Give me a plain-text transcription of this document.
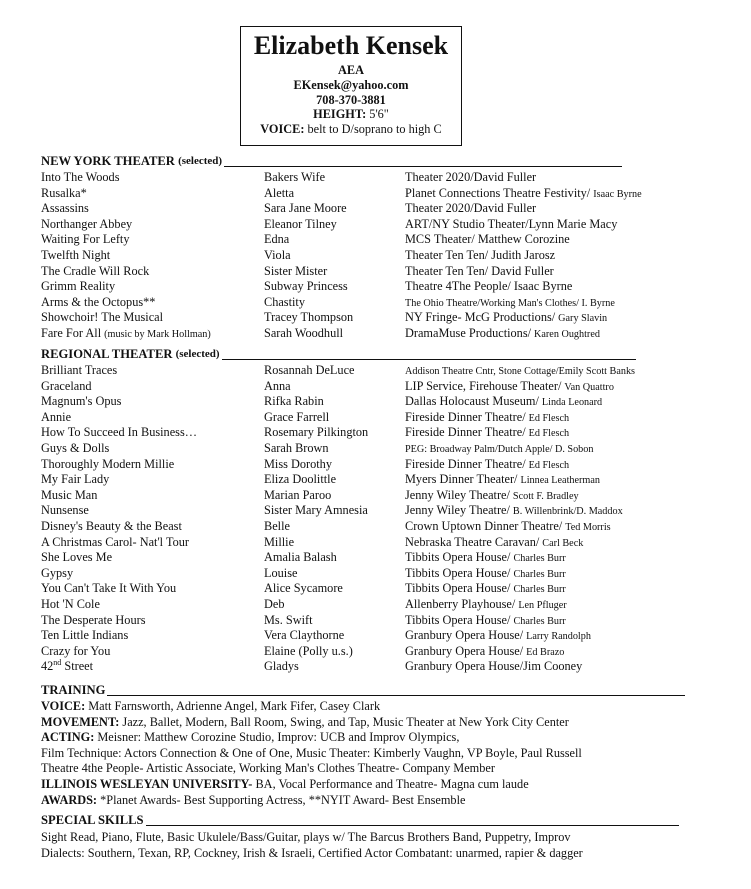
Elizabeth Kensek
AEA
EKensek@yahoo.com
708-370-3881
HEIGHT: 5'6"
VOICE: belt to D/soprano to high C
NEW YORK THEATER
(selected)
Into The Woods	Bakers Wife	Theater 2020/David Fuller
Rusalka*	Aletta	Planet Connections Theatre Festivity/ Isaac Byrne
Assassins	Sara Jane Moore	Theater 2020/David Fuller
Northanger Abbey	Eleanor Tilney	ART/NY Studio Theater/Lynn Marie Macy
Waiting For Lefty	Edna	MCS Theater/ Matthew Corozine
Twelfth Night	Viola	Theater Ten Ten/ Judith Jarosz
The Cradle Will Rock	Sister Mister	Theater Ten Ten/ David Fuller
Grimm Reality	Subway Princess	Theatre 4The People/ Isaac Byrne
Arms & the Octopus**	Chastity	The Ohio Theatre/Working Man's Clothes/ I. Byrne
Showchoir! The Musical	Tracey Thompson	NY Fringe- McG Productions/ Gary Slavin
Fare For All (music by Mark Hollman)	Sarah Woodhull	DramaMuse Productions/ Karen Oughtred
REGIONAL THEATER
(selected)
Brilliant Traces	Rosannah DeLuce	Addison Theatre Cntr, Stone Cottage/Emily Scott Banks
Graceland	Anna	LIP Service, Firehouse Theater/ Van Quattro
Magnum's Opus	Rifka Rabin	Dallas Holocaust Museum/ Linda Leonard
Annie	Grace Farrell	Fireside Dinner Theatre/ Ed Flesch
How To Succeed In Business…	Rosemary Pilkington	Fireside Dinner Theatre/ Ed Flesch
Guys & Dolls	Sarah Brown	PEG: Broadway Palm/Dutch Apple/ D. Sobon
Thoroughly Modern Millie	Miss Dorothy	Fireside Dinner Theatre/ Ed Flesch
My Fair Lady	Eliza Doolittle	Myers Dinner Theater/ Linnea Leatherman
Music Man	Marian Paroo	Jenny Wiley Theatre/ Scott F. Bradley
Nunsense	Sister Mary Amnesia	Jenny Wiley Theatre/ B. Willenbrink/D. Maddox
Disney's Beauty & the Beast	Belle	Crown Uptown Dinner Theatre/ Ted Morris
A Christmas Carol- Nat'l Tour	Millie	Nebraska Theatre Caravan/ Carl Beck
She Loves Me	Amalia Balash	Tibbits Opera House/ Charles Burr
Gypsy	Louise	Tibbits Opera House/ Charles Burr
You Can't Take It With You	Alice Sycamore	Tibbits Opera House/ Charles Burr
Hot 'N Cole	Deb	Allenberry Playhouse/ Len Pfluger
The Desperate Hours	Ms. Swift	Tibbits Opera House/ Charles Burr
Ten Little Indians	Vera Claythorne	Granbury Opera House/ Larry Randolph
Crazy for You	Elaine (Polly u.s.)	Granbury Opera House/ Ed Brazo
42nd Street	Gladys	Granbury Opera House/Jim Cooney
TRAINING
VOICE: Matt Farnsworth, Adrienne Angel, Mark Fifer, Casey Clark
MOVEMENT: Jazz, Ballet, Modern, Ball Room, Swing, and Tap, Music Theater at New York City Center
ACTING: Meisner: Matthew Corozine Studio, Improv: UCB and Improv Olympics,
Film Technique: Actors Connection & One of One, Music Theater: Kimberly Vaughn, VP Boyle, Paul Russell
Theatre 4the People- Artistic Associate, Working Man's Clothes Theatre- Company Member
ILLINOIS WESLEYAN UNIVERSITY- BA, Vocal Performance and Theatre- Magna cum laude
AWARDS: *Planet Awards- Best Supporting Actress, **NYIT Award- Best Ensemble
SPECIAL SKILLS
Sight Read, Piano, Flute, Basic Ukulele/Bass/Guitar, plays w/ The Barcus Brothers Band, Puppetry, Improv
Dialects: Southern, Texan, RP, Cockney, Irish & Israeli, Certified Actor Combatant: unarmed, rapier & dagger
